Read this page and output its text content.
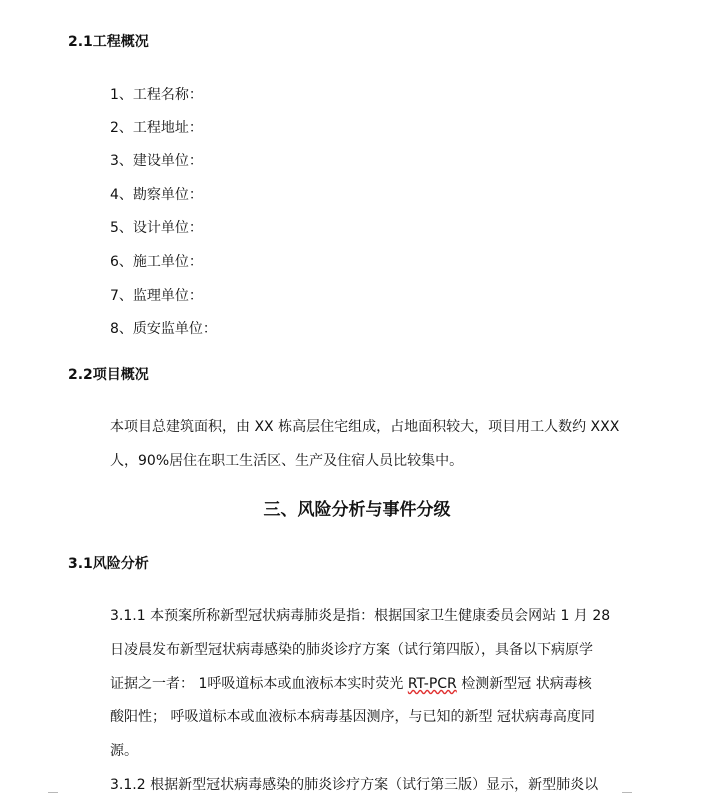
2.1工程概况
1、工程名称：
2、工程地址：
3、建设单位：
4、勘察单位：
5、设计单位：
6、施工单位：
7、监理单位：
8、质安监单位：
2.2项目概况
本项目总建筑面积，由 XX 栋高层住宅组成，占地面积较大，项目用工人数约 XXX
人，90%居住在职工生活区、生产及住宿人员比较集中。
三、风险分析与事件分级
3.1风险分析
3.1.1 本预案所称新型冠状病毒肺炎是指：根据国家卫生健康委员会网站 1 月 28
日凌晨发布新型冠状病毒感染的肺炎诊疗方案（试行第四版），具备以下病原学
证据之一者： 1呼吸道标本或血液标本实时荧光 RT-PCR 检测新型冠 状病毒核
酸阳性； 呼吸道标本或血液标本病毒基因测序，与已知的新型 冠状病毒高度同
源。
3.1.2 根据新型冠状病毒感染的肺炎诊疗方案（试行第三版）显示，新型肺炎以
